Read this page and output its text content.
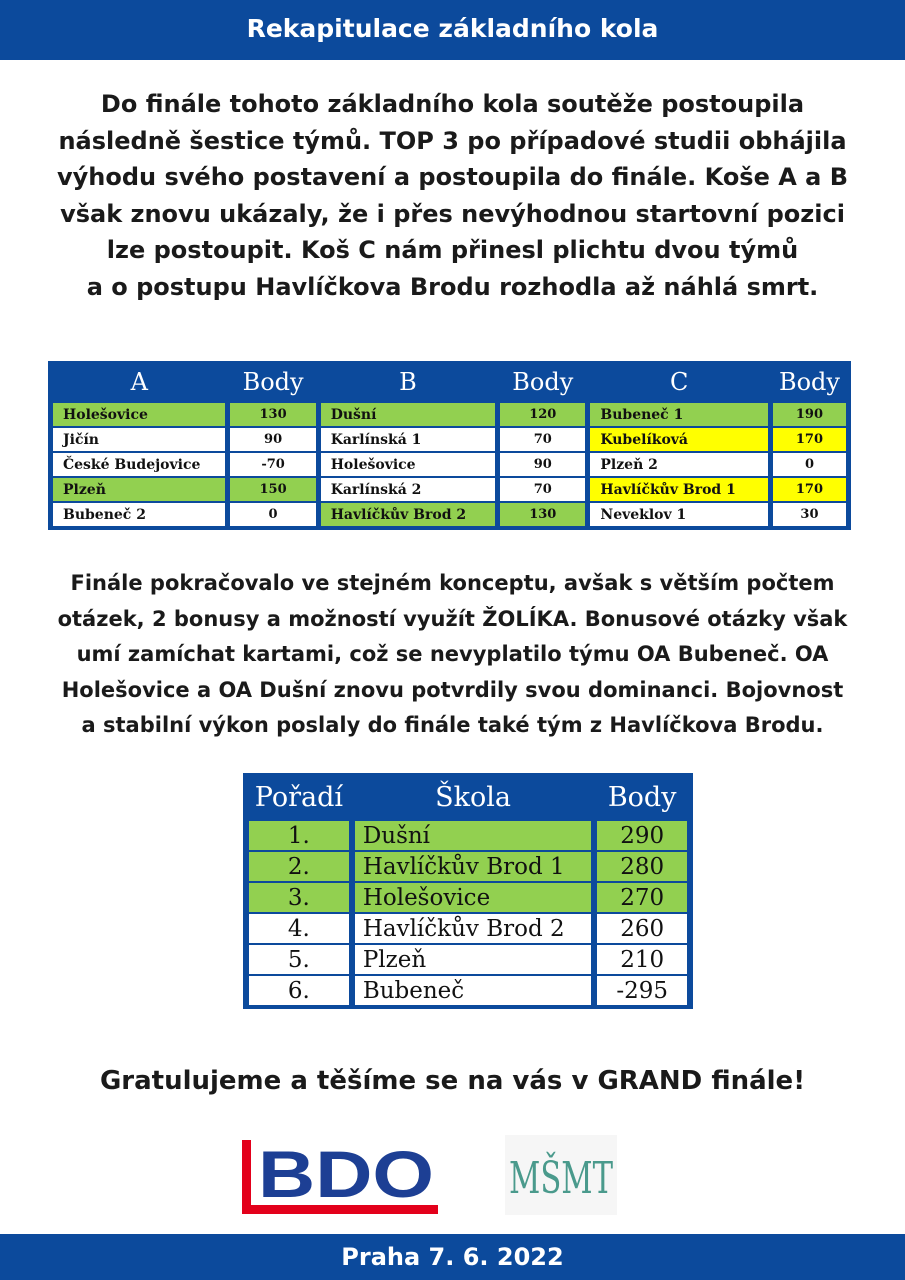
Rekapitulace základního kola

Do finále tohoto základního kola soutěže postoupila
následně šestice týmů. TOP 3 po případové studii obhájila
výhodu svého postavení a postoupila do finále. Koše A a B
však znovu ukázaly, že i přes nevýhodnou startovní pozici
lze postoupit. Koš C nám přinesl plichtu dvou týmů
a o postupu Havlíčkova Brodu rozhodla až náhlá smrt.

A	Body	B	Body	C	Body
Holešovice	130	Dušní	120	Bubeneč 1	190
Jičín	90	Karlínská 1	70	Kubelíková	170
České Budejovice	-70	Holešovice	90	Plzeň 2	0
Plzeň	150	Karlínská 2	70	Havlíčkův Brod 1	170
Bubeneč 2	0	Havlíčkův Brod 2	130	Neveklov 1	30

Finále pokračovalo ve stejném konceptu, avšak s větším počtem
otázek, 2 bonusy a možností využít ŽOLÍKA. Bonusové otázky však
umí zamíchat kartami, což se nevyplatilo týmu OA Bubeneč. OA
Holešovice a OA Dušní znovu potvrdily svou dominanci. Bojovnost
a stabilní výkon poslaly do finále také tým z Havlíčkova Brodu.

Pořadí	Škola	Body
1.	Dušní	290
2.	Havlíčkův Brod 1	280
3.	Holešovice	270
4.	Havlíčkův Brod 2	260
5.	Plzeň	210
6.	Bubeneč	-295

Gratulujeme a těšíme se na vás v GRAND finále!

BDO MŠMT
Praha 7. 6. 2022
